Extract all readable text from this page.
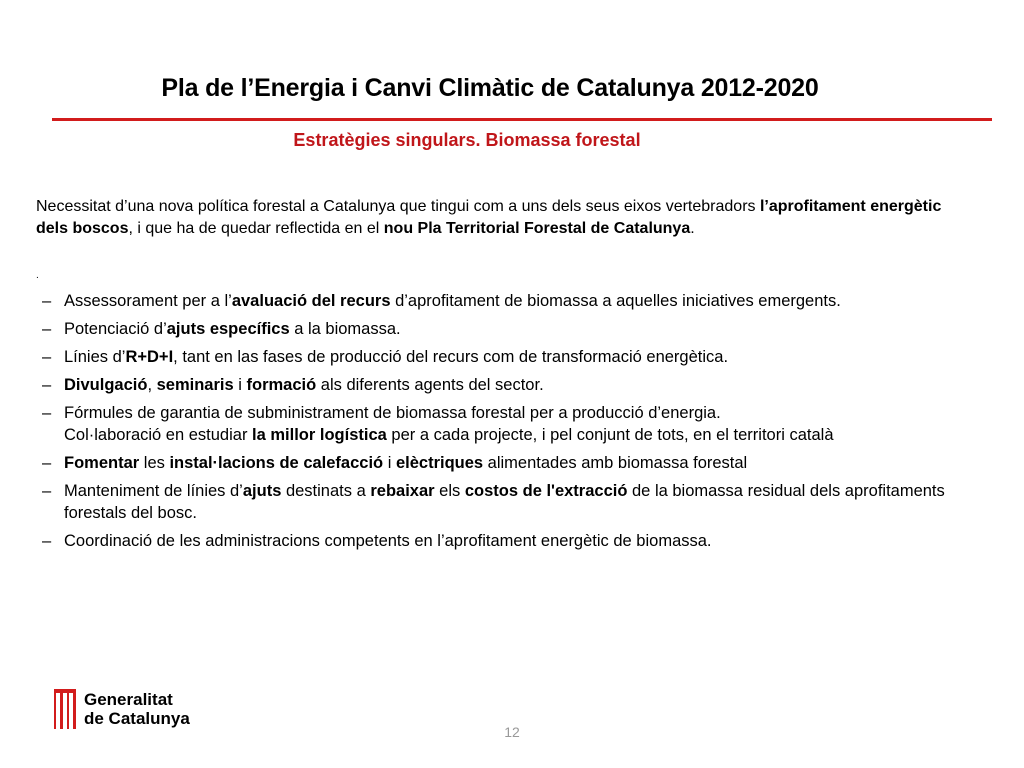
Pla de l’Energia i Canvi Climàtic de Catalunya 2012-2020
Estratègies singulars. Biomassa forestal
Necessitat d’una nova política forestal a Catalunya que tingui com a uns dels seus eixos vertebradors l’aprofitament energètic dels boscos, i que ha de quedar reflectida en el nou Pla Territorial Forestal de Catalunya.
.
– Assessorament per a l’avaluació del recurs d’aprofitament de biomassa a aquelles iniciatives emergents.
– Potenciació d’ajuts específics a la biomassa.
– Línies d’R+D+I, tant en las fases de producció del recurs com de transformació energètica.
– Divulgació, seminaris i formació als diferents agents del sector.
– Fórmules de garantia de subministrament de biomassa forestal per a producció d’energia.
Col·laboració en estudiar la millor logística per a cada projecte, i pel conjunt de tots, en el territori català
– Fomentar les instal·lacions de calefacció i elèctriques alimentades amb biomassa forestal
– Manteniment de línies d’ajuts destinats a rebaixar els costos de l'extracció de la biomassa residual dels aprofitaments forestals del bosc.
– Coordinació de les administracions competents en l’aprofitament energètic de biomassa.
Generalitat
de Catalunya
12
